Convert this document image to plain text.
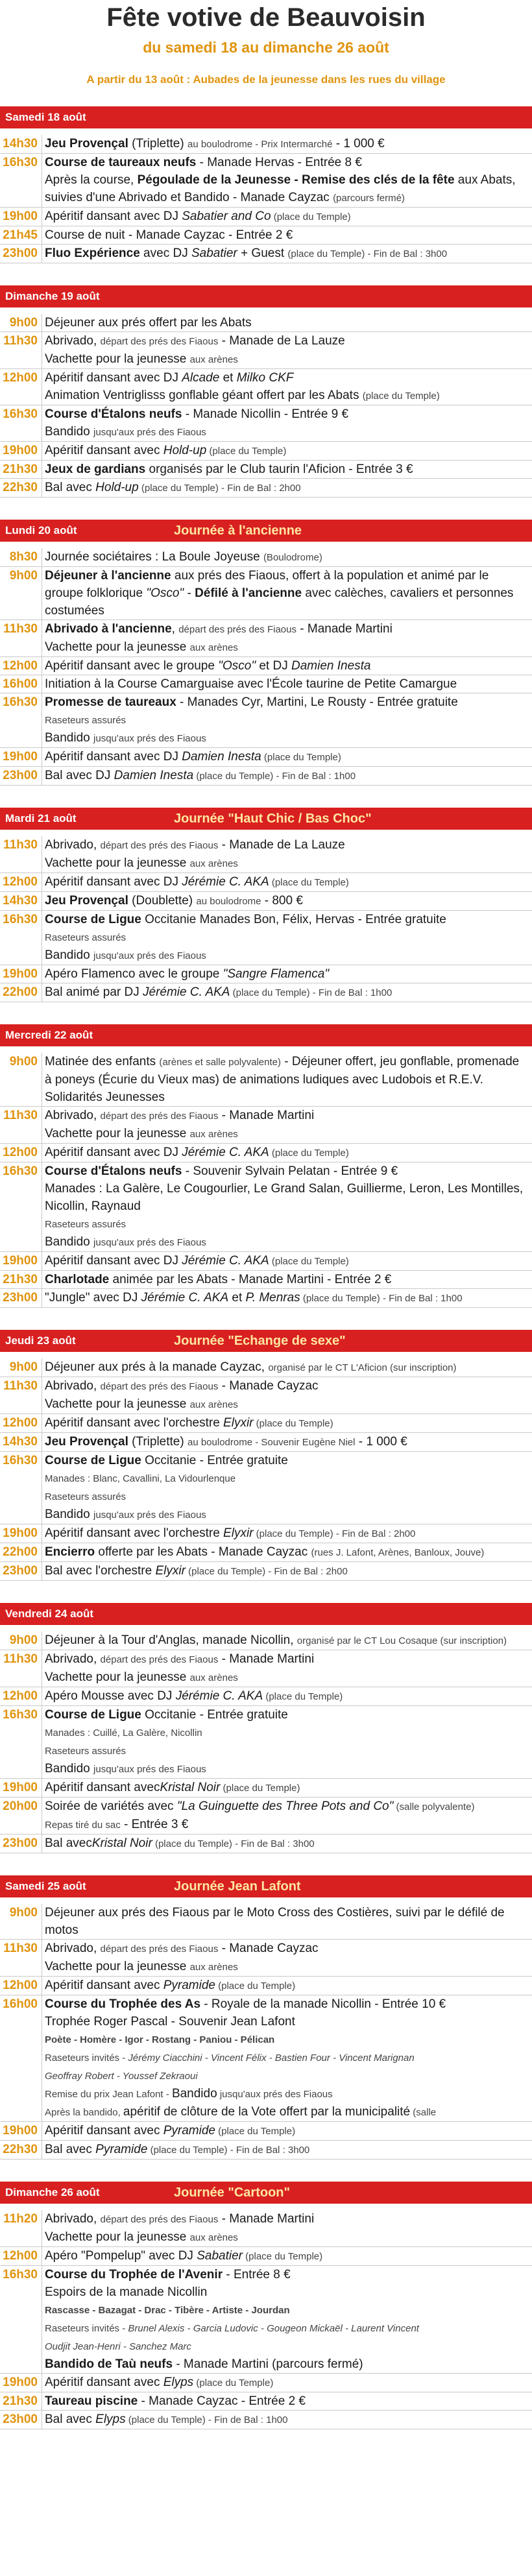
Fête votive de Beauvoisin
du samedi 18 au dimanche 26 août
A partir du 13 août : Aubades de la jeunesse dans les rues du village
Samedi 18 août
14h30 Jeu Provençal (Triplette) au boulodrome - Prix Intermarché - 1 000 €
16h30 Course de taureaux neufs - Manade Hervas - Entrée 8 €
Après la course, Pégoulade de la Jeunesse - Remise des clés de la fête aux Abats, suivies d'une Abrivado et Bandido - Manade Cayzac (parcours fermé)
19h00 Apéritif dansant avec DJ Sabatier and Co (place du Temple)
21h45 Course de nuit - Manade Cayzac - Entrée 2 €
23h00 Fluo Expérience avec DJ Sabatier + Guest (place du Temple) - Fin de Bal : 3h00
Dimanche 19 août
9h00 Déjeuner aux prés offert par les Abats
11h30 Abrivado, départ des prés des Fiaous - Manade de La Lauze
Vachette pour la jeunesse aux arènes
12h00 Apéritif dansant avec DJ Alcade et Milko CKF
Animation Ventriglisss gonflable géant offert par les Abats (place du Temple)
16h30 Course d'Étalons neufs - Manade Nicollin - Entrée 9 €
Bandido jusqu'aux prés des Fiaous
19h00 Apéritif dansant avec Hold-up (place du Temple)
21h30 Jeux de gardians organisés par le Club taurin l'Aficion - Entrée 3 €
22h30 Bal avec Hold-up (place du Temple) - Fin de Bal : 2h00
Lundi 20 août	Journée à l'ancienne
8h30 Journée sociétaires : La Boule Joyeuse (Boulodrome)
9h00 Déjeuner à l'ancienne aux prés des Fiaous, offert à la population et animé par le groupe folklorique "Osco" - Défilé à l'ancienne avec calèches, cavaliers et personnes costumées
11h30 Abrivado à l'ancienne, départ des prés des Fiaous - Manade Martini
Vachette pour la jeunesse aux arènes
12h00 Apéritif dansant avec le groupe "Osco" et DJ Damien Inesta
16h00 Initiation à la Course Camarguaise avec l'École taurine de Petite Camargue
16h30 Promesse de taureaux - Manades Cyr, Martini, Le Rousty - Entrée gratuite
Raseteurs assurés
Bandido jusqu'aux prés des Fiaous
19h00 Apéritif dansant avec DJ Damien Inesta (place du Temple)
23h00 Bal avec DJ Damien Inesta (place du Temple) - Fin de Bal : 1h00
Mardi 21 août	Journée "Haut Chic / Bas Choc"
11h30 Abrivado, départ des prés des Fiaous - Manade de La Lauze
Vachette pour la jeunesse aux arènes
12h00 Apéritif dansant avec DJ Jérémie C. AKA (place du Temple)
14h30 Jeu Provençal (Doublette) au boulodrome - 800 €
16h30 Course de Ligue Occitanie Manades Bon, Félix, Hervas - Entrée gratuite
Raseteurs assurés
Bandido jusqu'aux prés des Fiaous
19h00 Apéro Flamenco avec le groupe "Sangre Flamenca"
22h00 Bal animé par DJ Jérémie C. AKA (place du Temple) - Fin de Bal : 1h00
Mercredi 22 août
9h00 Matinée des enfants (arènes et salle polyvalente) - Déjeuner offert, jeu gonflable, promenade à poneys (Écurie du Vieux mas) de animations ludiques avec Ludobois et R.E.V. Solidarités Jeunesses
11h30 Abrivado, départ des prés des Fiaous - Manade Martini
Vachette pour la jeunesse aux arènes
12h00 Apéritif dansant avec DJ Jérémie C. AKA (place du Temple)
16h30 Course d'Étalons neufs - Souvenir Sylvain Pelatan - Entrée 9 €
Manades : La Galère, Le Cougourlier, Le Grand Salan, Guillierme, Leron, Les Montilles, Nicollin, Raynaud
Raseteurs assurés
Bandido jusqu'aux prés des Fiaous
19h00 Apéritif dansant avec DJ Jérémie C. AKA (place du Temple)
21h30 Charlotade animée par les Abats - Manade Martini - Entrée 2 €
23h00 "Jungle" avec DJ Jérémie C. AKA et P. Menras (place du Temple) - Fin de Bal : 1h00
Jeudi 23 août	Journée "Echange de sexe"
9h00 Déjeuner aux prés à la manade Cayzac, organisé par le CT L'Aficion (sur inscription)
11h30 Abrivado, départ des prés des Fiaous - Manade Cayzac
Vachette pour la jeunesse aux arènes
12h00 Apéritif dansant avec l'orchestre Elyxir (place du Temple)
14h30 Jeu Provençal (Triplette) au boulodrome - Souvenir Eugène Niel - 1 000 €
16h30 Course de Ligue Occitanie - Entrée gratuite
Manades : Blanc, Cavallini, La Vidourlenque
Raseteurs assurés
Bandido jusqu'aux prés des Fiaous
19h00 Apéritif dansant avec l'orchestre Elyxir (place du Temple) - Fin de Bal : 2h00
22h00 Encierro offerte par les Abats - Manade Cayzac (rues J. Lafont, Arènes, Banloux, Jouve)
23h00 Bal avec l'orchestre Elyxir (place du Temple) - Fin de Bal : 2h00
Vendredi 24 août
9h00 Déjeuner à la Tour d'Anglas, manade Nicollin, organisé par le CT Lou Cosaque (sur inscription)
11h30 Abrivado, départ des prés des Fiaous - Manade Martini
Vachette pour la jeunesse aux arènes
12h00 Apéro Mousse avec DJ Jérémie C. AKA (place du Temple)
16h30 Course de Ligue Occitanie - Entrée gratuite
Manades : Cuillé, La Galère, Nicollin
Raseteurs assurés
Bandido jusqu'aux prés des Fiaous
19h00 Apéritif dansant avecKristal Noir (place du Temple)
20h00 Soirée de variétés avec "La Guinguette des Three Pots and Co" (salle polyvalente)
Repas tiré du sac - Entrée 3 €
23h00 Bal avecKristal Noir (place du Temple) - Fin de Bal : 3h00
Samedi 25 août	Journée Jean Lafont
9h00 Déjeuner aux prés des Fiaous par le Moto Cross des Costières, suivi par le défilé de motos
11h30 Abrivado, départ des prés des Fiaous - Manade Cayzac
Vachette pour la jeunesse aux arènes
12h00 Apéritif dansant avec Pyramide (place du Temple)
16h00 Course du Trophée des As - Royale de la manade Nicollin - Entrée 10 €
Trophée Roger Pascal - Souvenir Jean Lafont
Poète - Homère - Igor - Rostang - Paniou - Pélican
Raseteurs invités - Jérémy Ciacchini - Vincent Félix - Bastien Four - Vincent Marignan
Geoffray Robert - Youssef Zekraoui
Remise du prix Jean Lafont - Bandido jusqu'aux prés des Fiaous
Après la bandido, apéritif de clôture de la Vote offert par la municipalité (salle
19h00 Apéritif dansant avec Pyramide (place du Temple)
22h30 Bal avec Pyramide (place du Temple) - Fin de Bal : 3h00
Dimanche 26 août	Journée "Cartoon"
11h20 Abrivado, départ des prés des Fiaous - Manade Martini
Vachette pour la jeunesse aux arènes
12h00 Apéro "Pompelup" avec DJ Sabatier (place du Temple)
16h30 Course du Trophée de l'Avenir - Entrée 8 €
Espoirs de la manade Nicollin
Rascasse - Bazagat - Drac - Tibère - Artiste - Jourdan
Raseteurs invités - Brunel Alexis - Garcia Ludovic - Gougeon Mickaël - Laurent Vincent
Oudjit Jean-Henri - Sanchez Marc
Bandido de Taù neufs - Manade Martini (parcours fermé)
19h00 Apéritif dansant avec Elyps (place du Temple)
21h30 Taureau piscine - Manade Cayzac - Entrée 2 €
23h00 Bal avec Elyps (place du Temple) - Fin de Bal : 1h00
